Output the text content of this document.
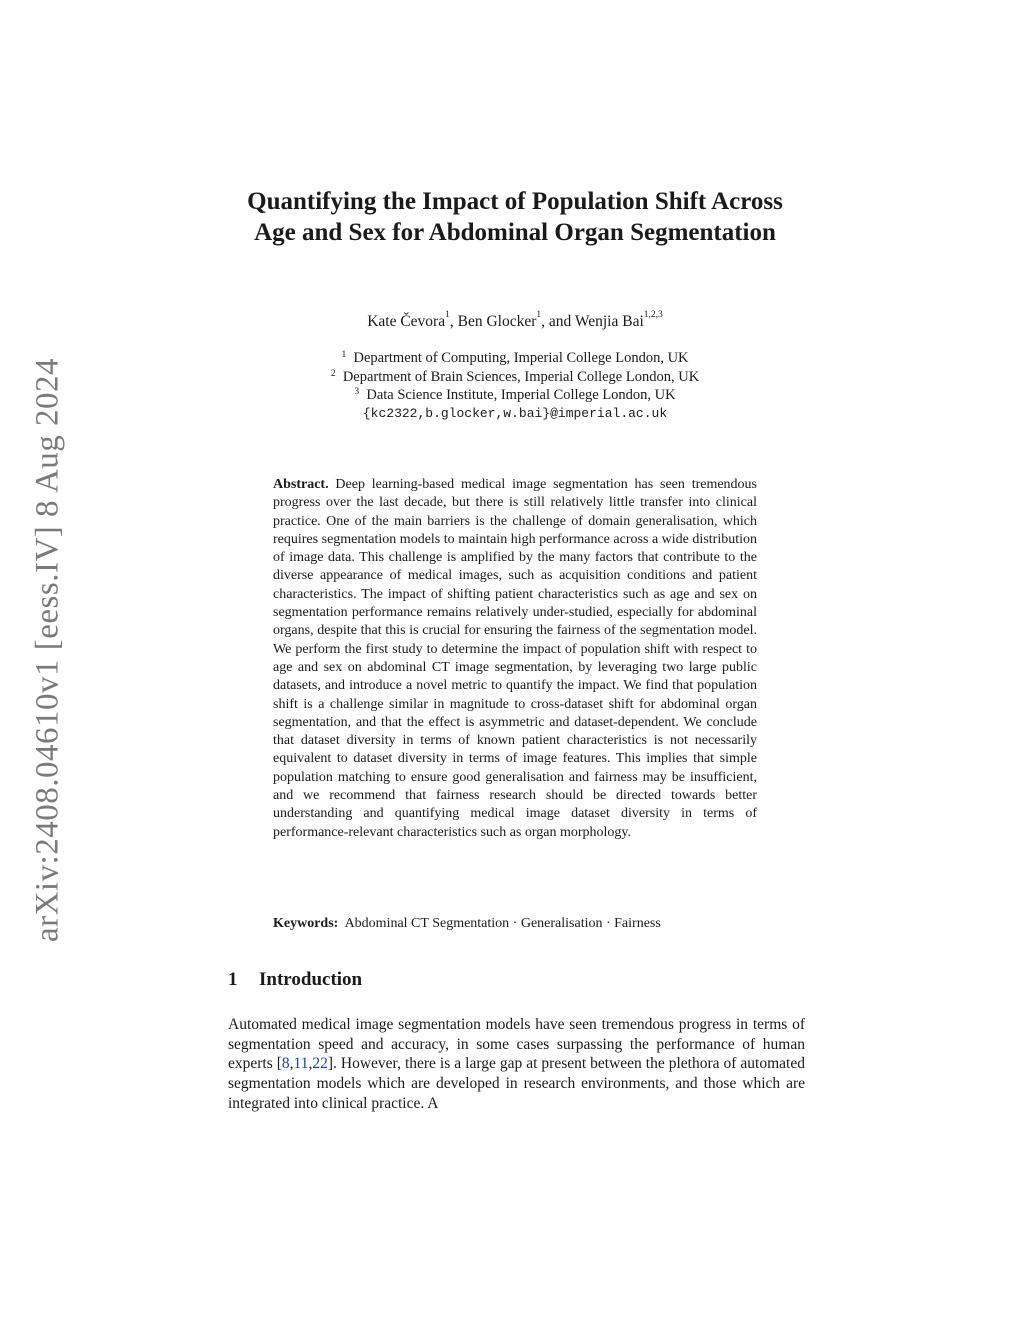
arXiv:2408.04610v1 [eess.IV] 8 Aug 2024
Quantifying the Impact of Population Shift Across Age and Sex for Abdominal Organ Segmentation
Kate Čevora$^1$, Ben Glocker$^1$, and Wenjia Bai$^{1,2,3}$
$^1$ Department of Computing, Imperial College London, UK
$^2$ Department of Brain Sciences, Imperial College London, UK
$^3$ Data Science Institute, Imperial College London, UK
{kc2322,b.glocker,w.bai}@imperial.ac.uk
Abstract. Deep learning-based medical image segmentation has seen tremendous progress over the last decade, but there is still relatively little transfer into clinical practice. One of the main barriers is the challenge of domain generalisation, which requires segmentation models to maintain high performance across a wide distribution of image data. This challenge is amplified by the many factors that contribute to the diverse appearance of medical images, such as acquisition conditions and patient characteristics. The impact of shifting patient characteristics such as age and sex on segmentation performance remains relatively under-studied, especially for abdominal organs, despite that this is crucial for ensuring the fairness of the segmentation model. We perform the first study to determine the impact of population shift with respect to age and sex on abdominal CT image segmentation, by leveraging two large public datasets, and introduce a novel metric to quantify the impact. We find that population shift is a challenge similar in magnitude to cross-dataset shift for abdominal organ segmentation, and that the effect is asymmetric and dataset-dependent. We conclude that dataset diversity in terms of known patient characteristics is not necessarily equivalent to dataset diversity in terms of image features. This implies that simple population matching to ensure good generalisation and fairness may be insufficient, and we recommend that fairness research should be directed towards better understanding and quantifying medical image dataset diversity in terms of performance-relevant characteristics such as organ morphology.
Keywords: Abdominal CT Segmentation · Generalisation · Fairness
1 Introduction
Automated medical image segmentation models have seen tremendous progress in terms of segmentation speed and accuracy, in some cases surpassing the performance of human experts [8,11,22]. However, there is a large gap at present between the plethora of automated segmentation models which are developed in research environments, and those which are integrated into clinical practice. A
